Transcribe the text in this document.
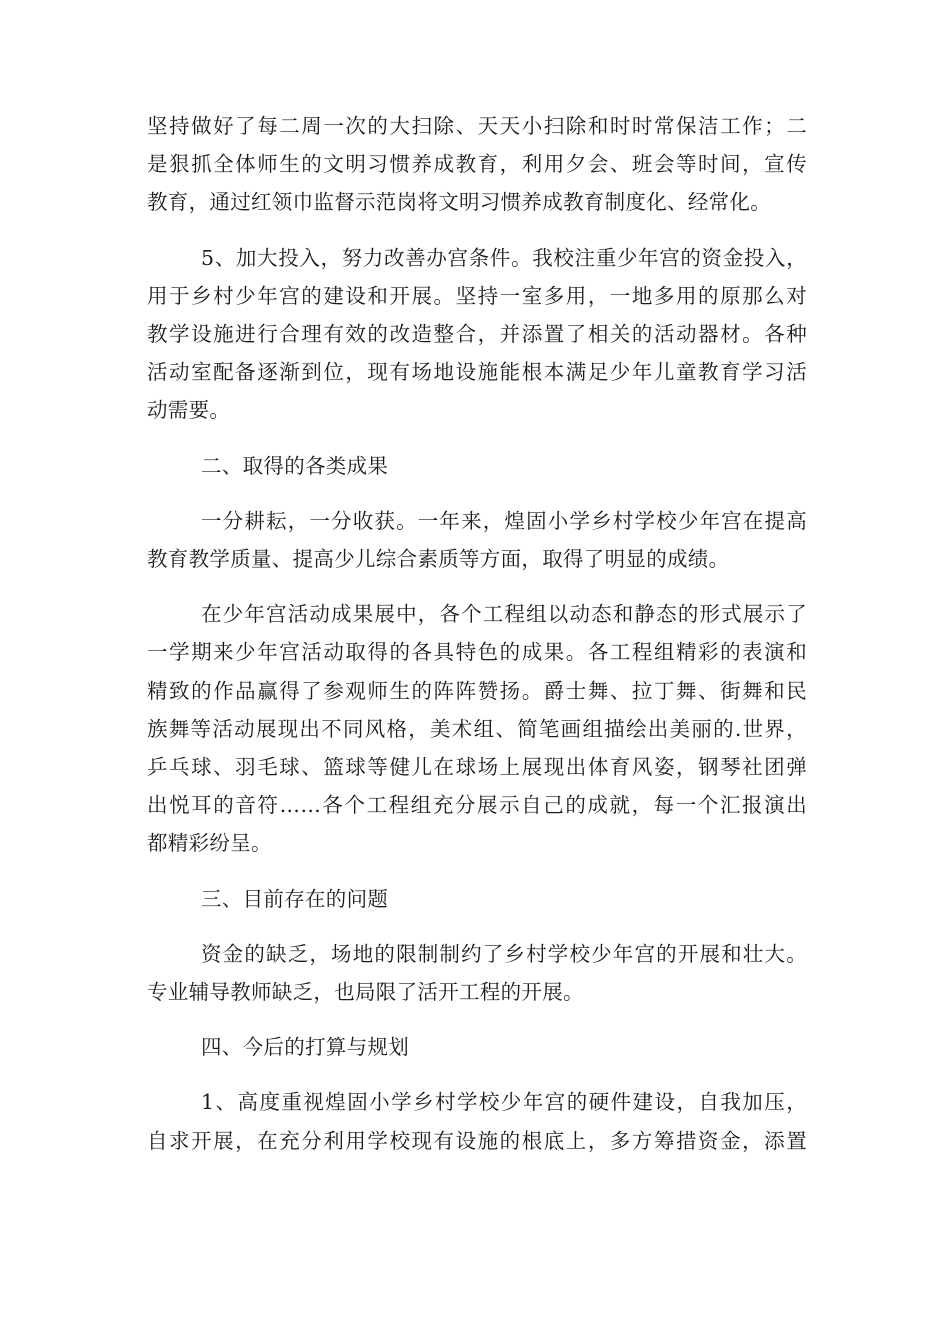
坚持做好了每二周一次的大扫除、天天小扫除和时时常保洁工作；二
是狠抓全体师生的文明习惯养成教育，利用夕会、班会等时间，宣传
教育，通过红领巾监督示范岗将文明习惯养成教育制度化、经常化。
5、加大投入，努力改善办宫条件。我校注重少年宫的资金投入，
用于乡村少年宫的建设和开展。坚持一室多用，一地多用的原那么对
教学设施进行合理有效的改造整合，并添置了相关的活动器材。各种
活动室配备逐渐到位，现有场地设施能根本满足少年儿童教育学习活
动需要。
二、取得的各类成果
一分耕耘，一分收获。一年来，煌固小学乡村学校少年宫在提高
教育教学质量、提高少儿综合素质等方面，取得了明显的成绩。
在少年宫活动成果展中，各个工程组以动态和静态的形式展示了
一学期来少年宫活动取得的各具特色的成果。各工程组精彩的表演和
精致的作品赢得了参观师生的阵阵赞扬。爵士舞、拉丁舞、街舞和民
族舞等活动展现出不同风格，美术组、简笔画组描绘出美丽的.世界，
乒乓球、羽毛球、篮球等健儿在球场上展现出体育风姿，钢琴社团弹
出悦耳的音符……各个工程组充分展示自己的成就，每一个汇报演出
都精彩纷呈。
三、目前存在的问题
资金的缺乏，场地的限制制约了乡村学校少年宫的开展和壮大。
专业辅导教师缺乏，也局限了活开工程的开展。
四、今后的打算与规划
1、高度重视煌固小学乡村学校少年宫的硬件建设，自我加压，
自求开展，在充分利用学校现有设施的根底上，多方筹措资金，添置
